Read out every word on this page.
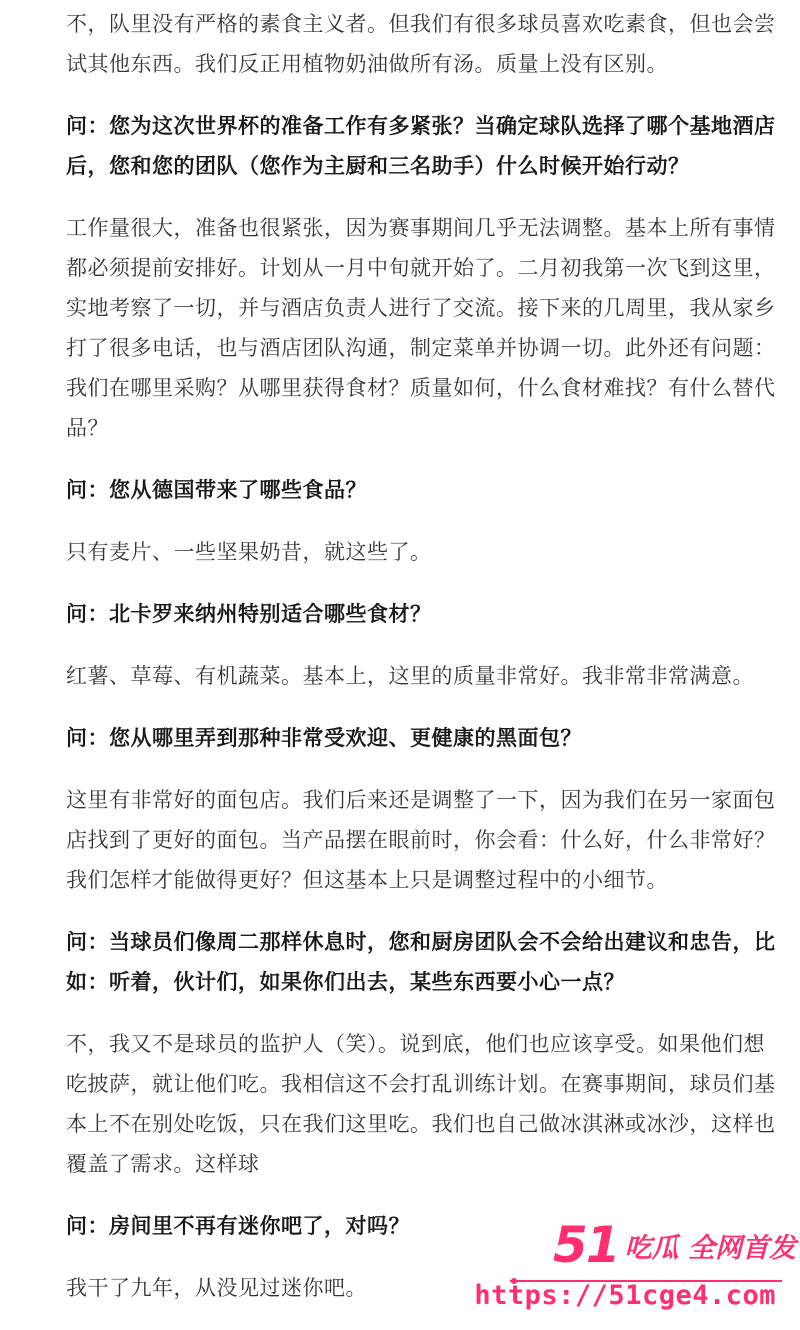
不，队里没有严格的素食主义者。但我们有很多球员喜欢吃素食，但也会尝试其他东西。我们反正用植物奶油做所有汤。质量上没有区别。

问：您为这次世界杯的准备工作有多紧张？当确定球队选择了哪个基地酒店后，您和您的团队（您作为主厨和三名助手）什么时候开始行动？

工作量很大，准备也很紧张，因为赛事期间几乎无法调整。基本上所有事情都必须提前安排好。计划从一月中旬就开始了。二月初我第一次飞到这里，实地考察了一切，并与酒店负责人进行了交流。接下来的几周里，我从家乡打了很多电话，也与酒店团队沟通，制定菜单并协调一切。此外还有问题：我们在哪里采购？从哪里获得食材？质量如何，什么食材难找？有什么替代品？

问：您从德国带来了哪些食品？

只有麦片、一些坚果奶昔，就这些了。

问：北卡罗来纳州特别适合哪些食材？

红薯、草莓、有机蔬菜。基本上，这里的质量非常好。我非常非常满意。

问：您从哪里弄到那种非常受欢迎、更健康的黑面包？

这里有非常好的面包店。我们后来还是调整了一下，因为我们在另一家面包店找到了更好的面包。当产品摆在眼前时，你会看：什么好，什么非常好？我们怎样才能做得更好？但这基本上只是调整过程中的小细节。

问：当球员们像周二那样休息时，您和厨房团队会不会给出建议和忠告，比如：听着，伙计们，如果你们出去，某些东西要小心一点？

不，我又不是球员的监护人（笑）。说到底，他们也应该享受。如果他们想吃披萨，就让他们吃。我相信这不会打乱训练计划。在赛事期间，球员们基本上不在别处吃饭，只在我们这里吃。我们也自己做冰淇淋或冰沙，这样也覆盖了需求。这样球

问：房间里不再有迷你吧了，对吗？

我干了九年，从没见过迷你吧。

51 吃瓜 全网首发
https://51cge4.com
